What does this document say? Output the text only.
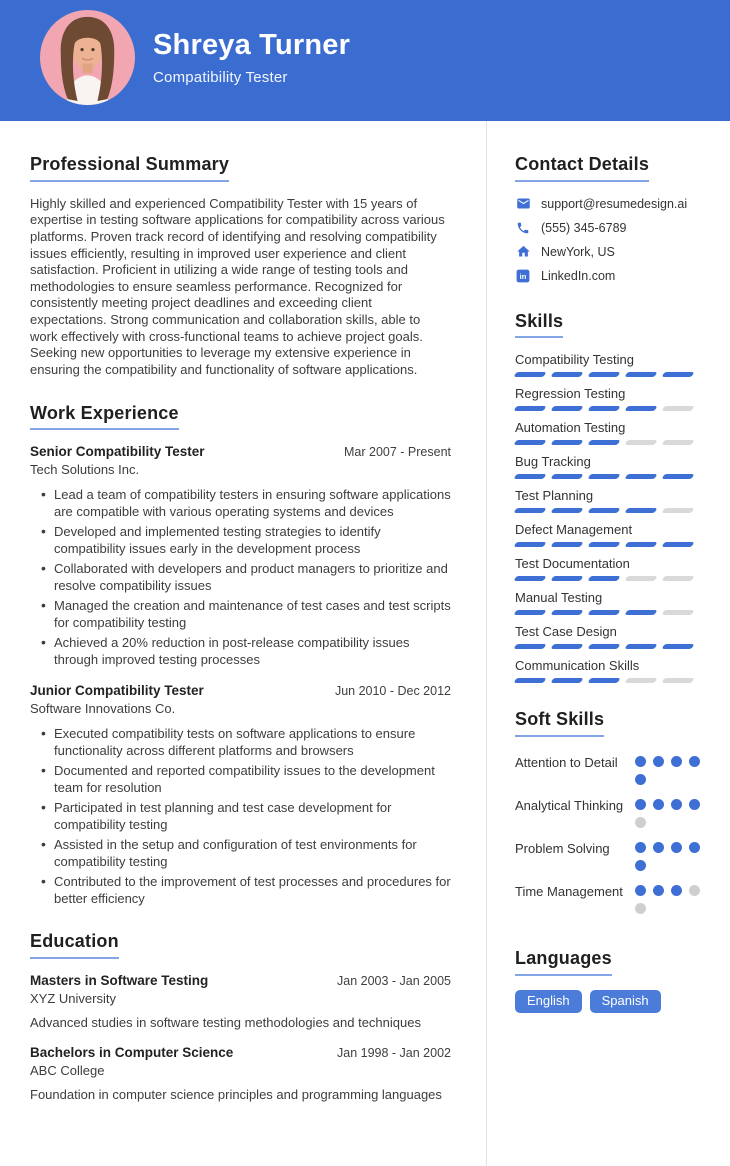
Shreya Turner
Compatibility Tester
Professional Summary

Highly skilled and experienced Compatibility Tester with 15 years of expertise in testing software applications for compatibility across various platforms. Proven track record of identifying and resolving compatibility issues efficiently, resulting in improved user experience and client satisfaction. Proficient in utilizing a wide range of testing tools and methodologies to ensure seamless performance. Recognized for consistently meeting project deadlines and exceeding client expectations. Strong communication and collaboration skills, able to work effectively with cross-functional teams to achieve project goals. Seeking new opportunities to leverage my extensive experience in ensuring the compatibility and functionality of software applications.

Work Experience
Senior Compatibility Tester	Mar 2007 - Present
Tech Solutions Inc.
• Lead a team of compatibility testers in ensuring software applications are compatible with various operating systems and devices
• Developed and implemented testing strategies to identify compatibility issues early in the development process
• Collaborated with developers and product managers to prioritize and resolve compatibility issues
• Managed the creation and maintenance of test cases and test scripts for compatibility testing
• Achieved a 20% reduction in post-release compatibility issues through improved testing processes
Junior Compatibility Tester	Jun 2010 - Dec 2012
Software Innovations Co.
• Executed compatibility tests on software applications to ensure functionality across different platforms and browsers
• Documented and reported compatibility issues to the development team for resolution
• Participated in test planning and test case development for compatibility testing
• Assisted in the setup and configuration of test environments for compatibility testing
• Contributed to the improvement of test processes and procedures for better efficiency
Education
Masters in Software Testing	Jan 2003 - Jan 2005
XYZ University
Advanced studies in software testing methodologies and techniques
Bachelors in Computer Science	Jan 1998 - Jan 2002
ABC College
Foundation in computer science principles and programming languages
Contact Details
support@resumedesign.ai
(555) 345-6789
NewYork, US
in LinkedIn.com
Skills
Compatibility Testing
Regression Testing
Automation Testing
Bug Tracking
Test Planning
Defect Management
Test Documentation
Manual Testing
Test Case Design
Communication Skills
Soft Skills
Attention to Detail
Analytical Thinking
Problem Solving
Time Management
Languages
English	Spanish
